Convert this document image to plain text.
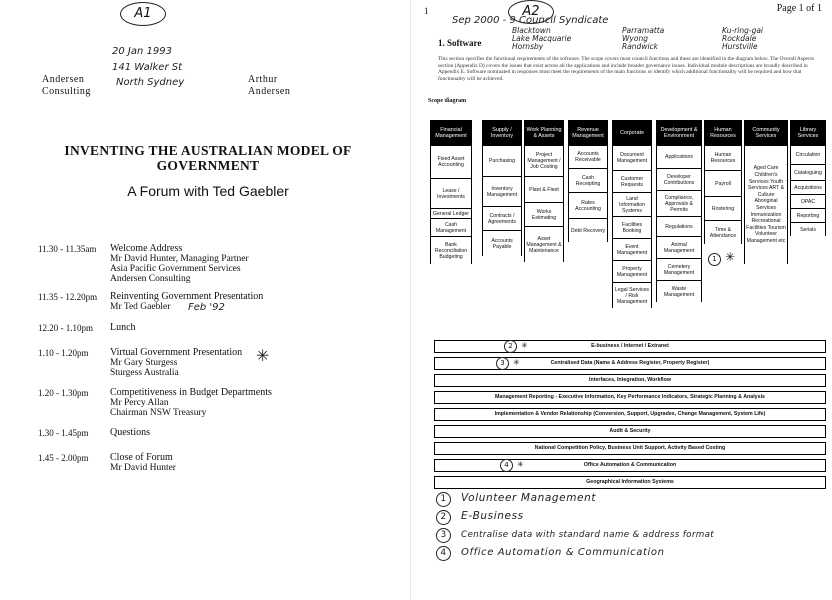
A1
20 Jan 1993
141 Walker St
North Sydney
Andersen
Consulting
Arthur
Andersen
INVENTING THE AUSTRALIAN MODEL OF
GOVERNMENT
A Forum with Ted Gaebler
11.30 - 11.35am Welcome Address
Mr David Hunter, Managing Partner
Asia Pacific Government Services
Andersen Consulting
11.35 - 12.20pm Reinventing Government Presentation
Mr Ted Gaebler	Feb '92
12.20 - 1.10pm Lunch
1.10 - 1.20pm Virtual Government Presentation
Mr Gary Sturgess
Sturgess Australia
✳
1.20 - 1.30pm Competitiveness in Budget Departments
Mr Percy Allan
Chairman NSW Treasury
1.30 - 1.45pm Questions
1.45 - 2.00pm Close of Forum
Mr David Hunter
1	Page 1 of 1
A2
Sep 2000 - 9 Council Syndicate
Blacktown
Lake Macquarie
Hornsby
Parramatta
Wyong
Randwick
Ku-ring-gai
Rockdale
Hurstville
1. Software
This section specifies the functional requirements of the software. The scope covers most council functions and these are identified in the diagram below. The Overall Aspects section (Appendix D) covers the issues that exist across all the applications and include broader governance issues. Individual module descriptions are broadly described in Appendix E. Software nominated in responses must meet the requirements of the main functions or identify which additional functionality will be required and how that functionality will be achieved.
Scope diagram
Financial Management
Fixed Asset Accounting
Lease / Investments
General Ledger
Cash Management
Bank Reconciliation Budgeting
Supply / Inventory
Purchasing
Inventory Management
Contracts / Agreements
Accounts Payable
Work Planning & Assets
Project Management / Job Costing
Plant & Fleet
Works Estimating
Asset Management & Maintenance
Revenue Management
Accounts Receivable
Cash Receipting
Rates Accounting
Debt Recovery
Corporate
Document Management
Customer Requests
Land Information Systems
Facilities Booking
Event Management
Property Management
Legal Services / Risk Management
Development & Environment
Applications
Developer Contributions
Compliance, Approvals & Permits
Regulations
Animal Management
Cemetery Management
Waste Management
Human Resources
Human Resources
Payroll
Rostering
Time & Attendance
1 ✳
Community Services
Aged Care Children's Services Youth Services ART & Culture Aboriginal Services Immunization Recreational Facilities Tourism Volunteer Management etc
Library Services
Circulation
Cataloguing
Acquisitions
OPAC
Reporting
Serials
E-business / Internet / Extranet
Centralised Data (Name & Address Register, Property Register)
Interfaces, Integration, Workflow
Management Reporting - Executive Information, Key Performance Indicators, Strategic Planning & Analysis
Implementation & Vendor Relationship (Conversion, Support, Upgrades, Change Management, System Life)
Audit & Security
National Competition Policy, Business Unit Support, Activity Based Costing
Office Automation & Communication
Geographical Information Systems
2 ✳
3 ✳
4 ✳
1 Volunteer Management
2 E-Business
3 Centralise data with standard name & address format
4 Office Automation & Communication
